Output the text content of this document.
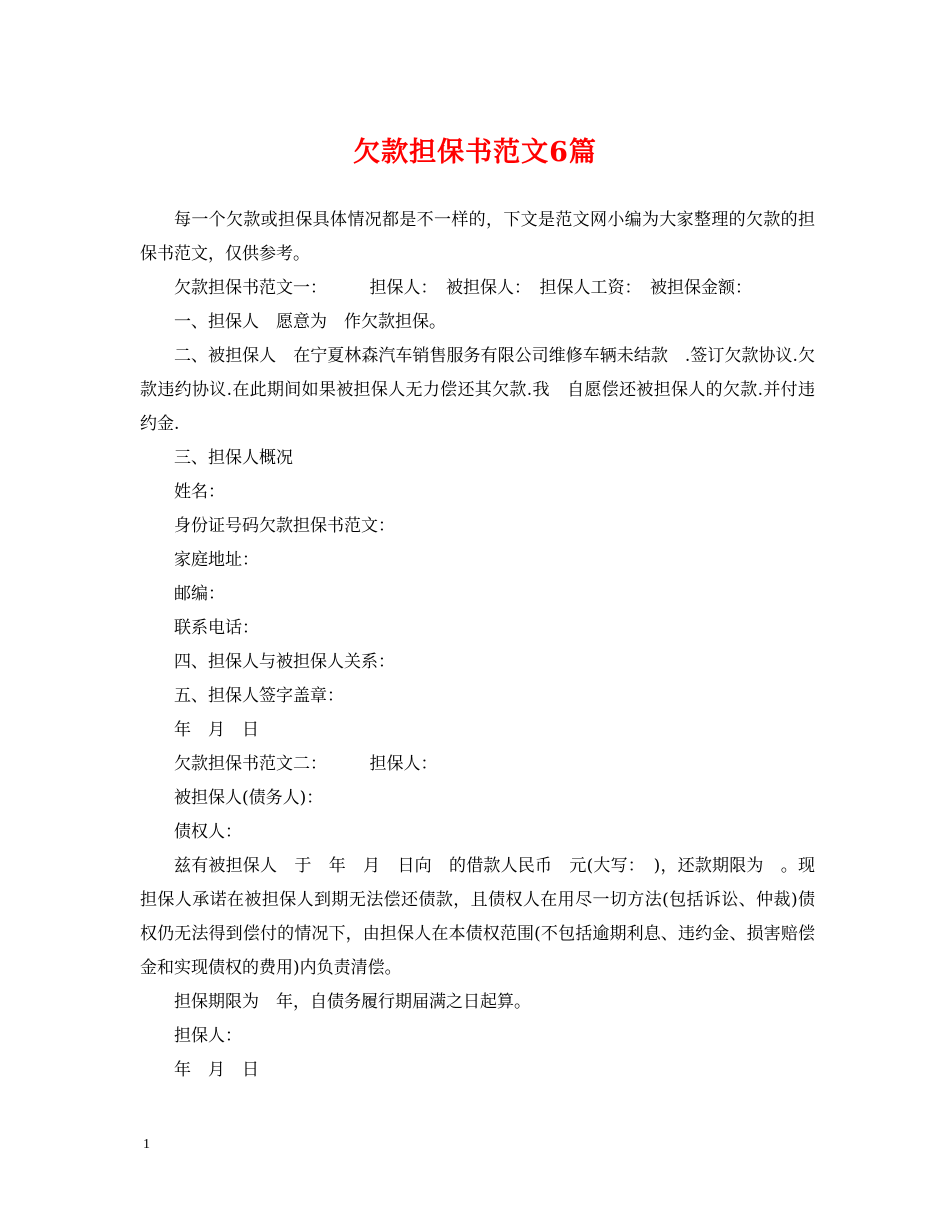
欠款担保书范文6篇

每一个欠款或担保具体情况都是不一样的，下文是范文网小编为大家整理的欠款的担保书范文，仅供参考。

欠款担保书范文一：　　　担保人：　被担保人：　担保人工资：　被担保金额：

一、担保人　愿意为　作欠款担保。

二、被担保人　在宁夏林森汽车销售服务有限公司维修车辆未结款　.签订欠款协议.欠款违约协议.在此期间如果被担保人无力偿还其欠款.我　自愿偿还被担保人的欠款.并付违约金.

三、担保人概况

姓名：

身份证号码欠款担保书范文：

家庭地址：

邮编：

联系电话：

四、担保人与被担保人关系：

五、担保人签字盖章：

年　月　日

欠款担保书范文二：　　　担保人：

被担保人(债务人)：

债权人：

兹有被担保人　于　年　月　日向　的借款人民币　元(大写：　)，还款期限为　。现担保人承诺在被担保人到期无法偿还债款，且债权人在用尽一切方法(包括诉讼、仲裁)债权仍无法得到偿付的情况下，由担保人在本债权范围(不包括逾期利息、违约金、损害赔偿金和实现债权的费用)内负责清偿。

担保期限为　年，自债务履行期届满之日起算。

担保人：

年　月　日

1
